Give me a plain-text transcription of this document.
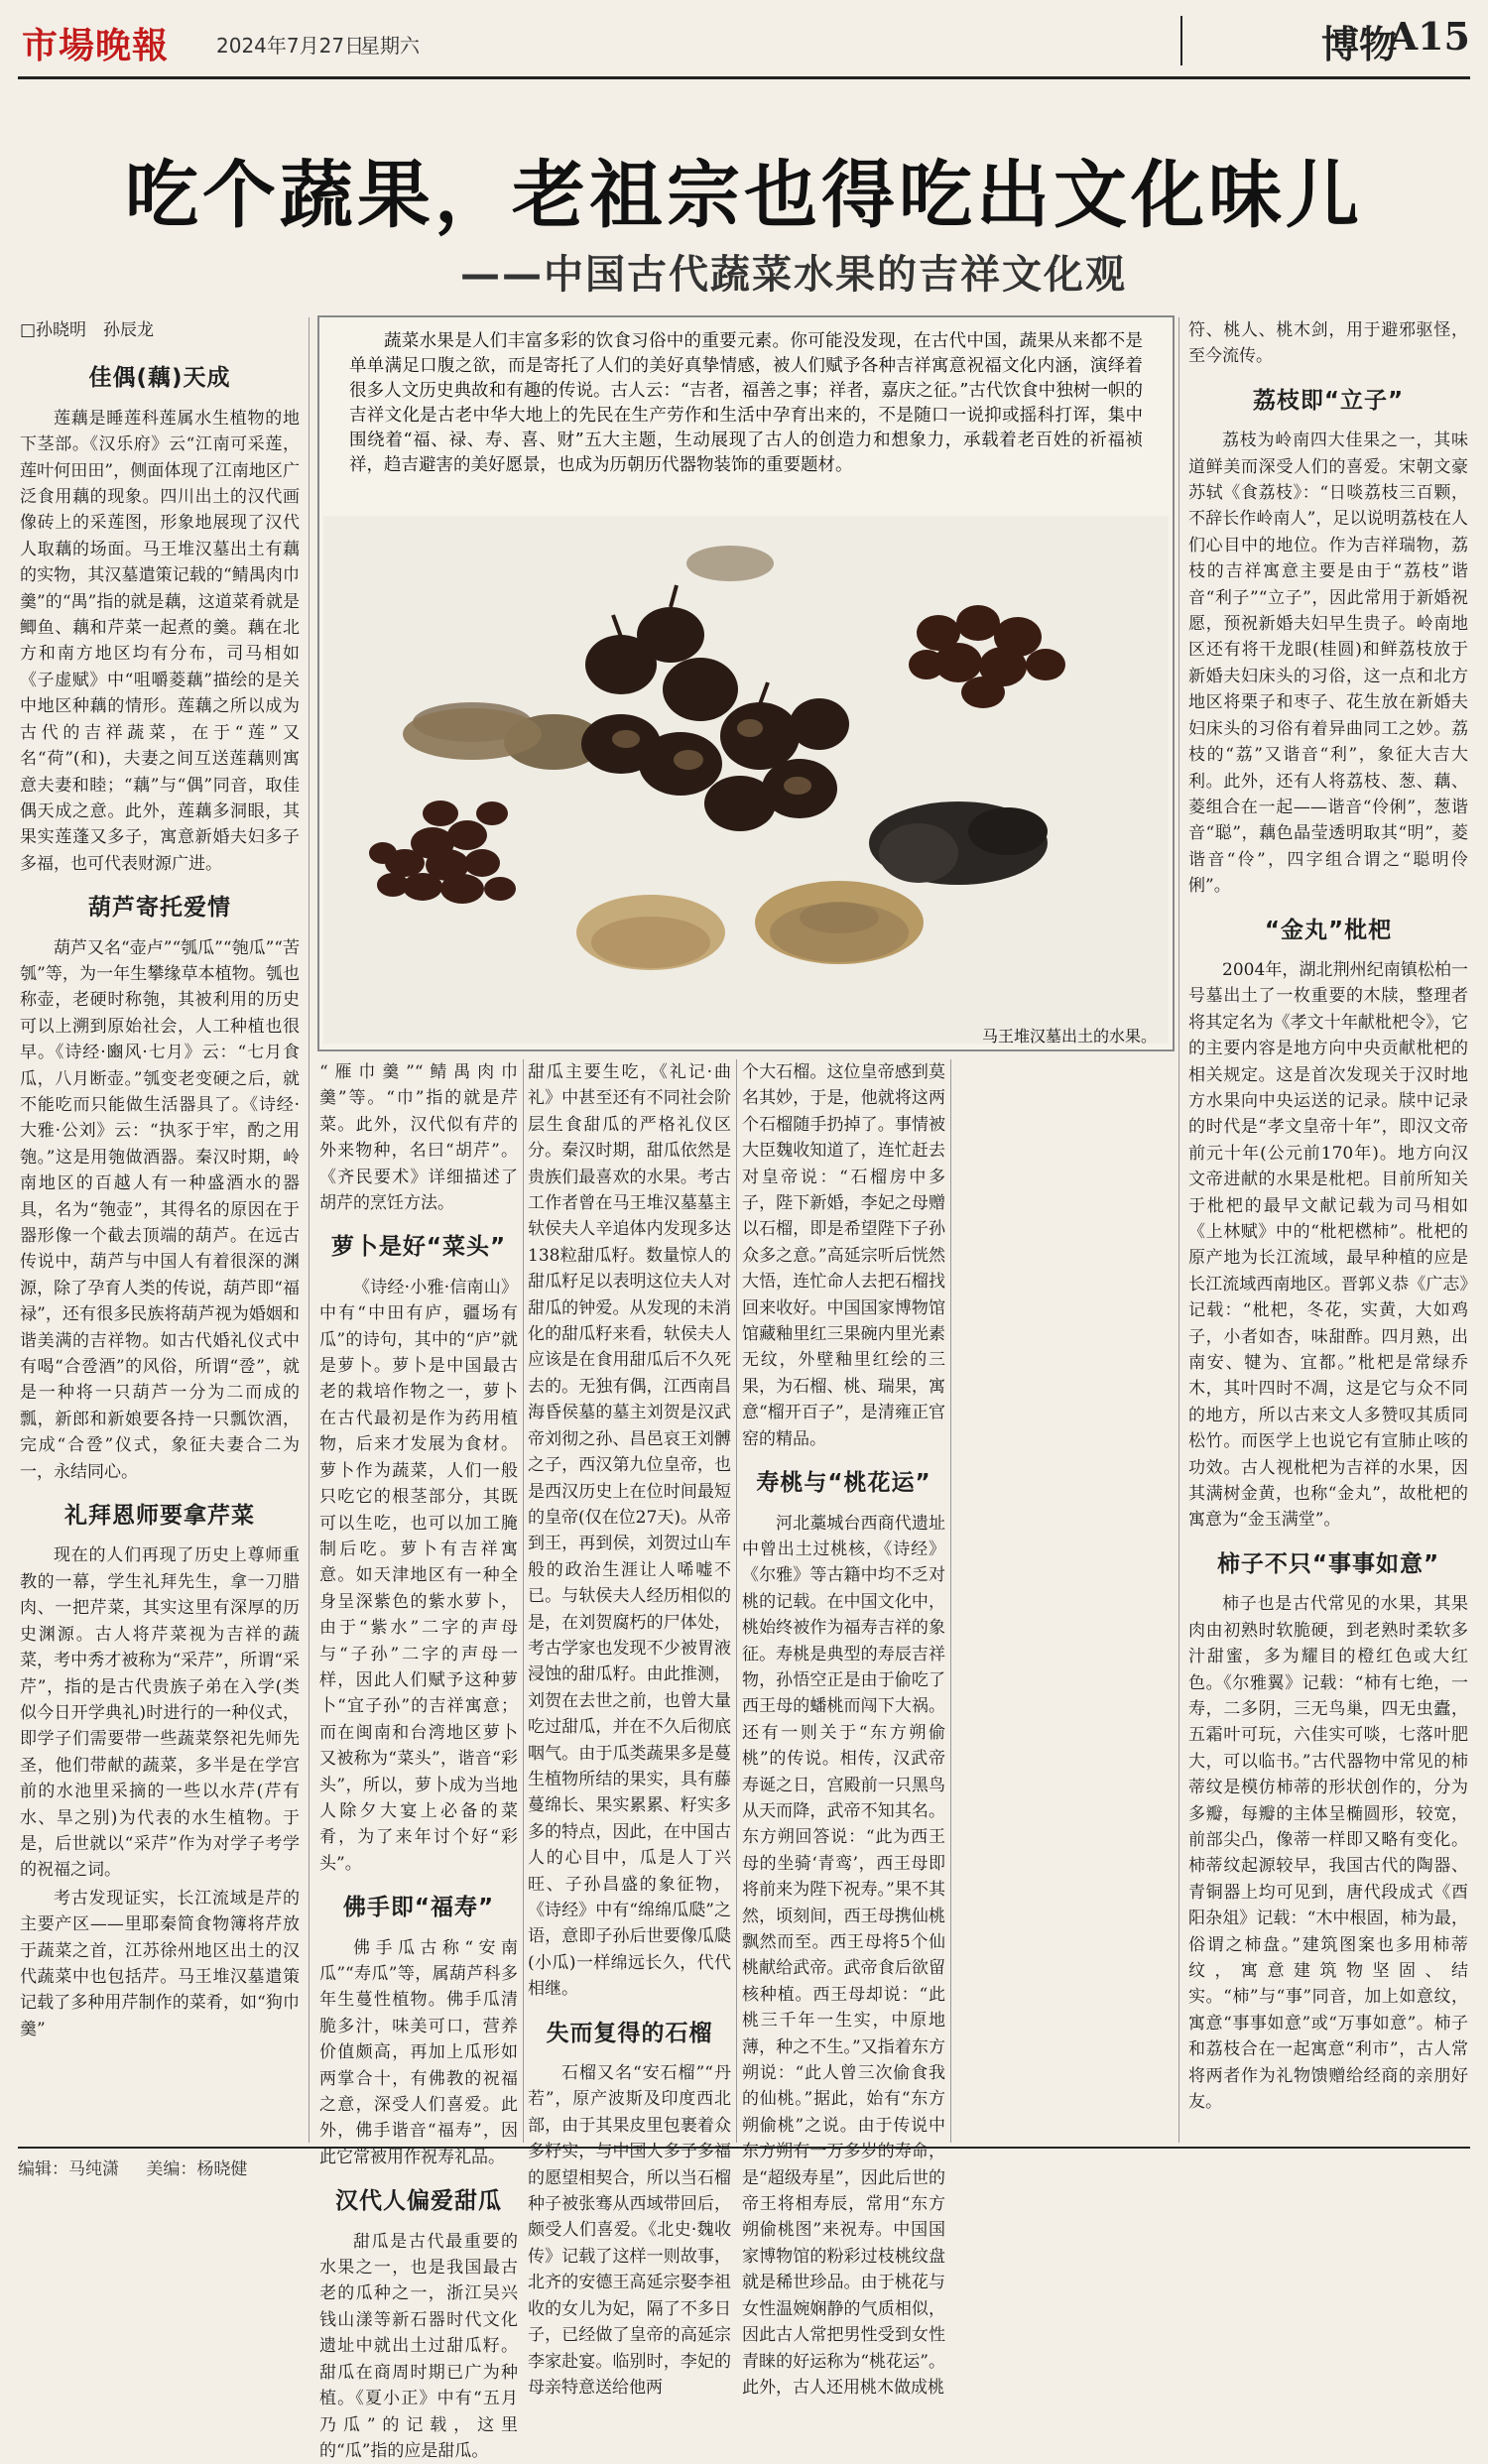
市場晚報 2024年7月27日
星期六	博物
A15
吃个蔬果，老祖宗也得吃出文化味儿
——中国古代蔬菜水果的吉祥文化观
□孙晓明　孙辰龙
佳偶(藕)天成

莲藕是睡莲科莲属水生植物的地下茎部。《汉乐府》云“江南可采莲，莲叶何田田”，侧面体现了江南地区广泛食用藕的现象。四川出土的汉代画像砖上的采莲图，形象地展现了汉代人取藕的场面。马王堆汉墓出土有藕的实物，其汉墓遣策记载的“鲭禺肉巾羹”的“禺”指的就是藕，这道菜肴就是鲫鱼、藕和芹菜一起煮的羹。藕在北方和南方地区均有分布，司马相如《子虚赋》中“咀嚼菱藕”描绘的是关中地区种藕的情形。莲藕之所以成为古代的吉祥蔬菜，在于“莲”又名“荷”(和)，夫妻之间互送莲藕则寓意夫妻和睦；“藕”与“偶”同音，取佳偶天成之意。此外，莲藕多洞眼，其果实莲蓬又多子，寓意新婚夫妇多子多福，也可代表财源广进。

葫芦寄托爱情

葫芦又名“壶卢”“瓠瓜”“匏瓜”“苦瓠”等，为一年生攀缘草本植物。瓠也称壶，老硬时称匏，其被利用的历史可以上溯到原始社会，人工种植也很早。《诗经·豳风·七月》云：“七月食瓜，八月断壶。”瓠变老变硬之后，就不能吃而只能做生活器具了。《诗经·大雅·公刘》云：“执豕于牢，酌之用匏。”这是用匏做酒器。秦汉时期，岭南地区的百越人有一种盛酒水的器具，名为“匏壶”，其得名的原因在于器形像一个截去顶端的葫芦。在远古传说中，葫芦与中国人有着很深的渊源，除了孕育人类的传说，葫芦即“福禄”，还有很多民族将葫芦视为婚姻和谐美满的吉祥物。如古代婚礼仪式中有喝“合卺酒”的风俗，所谓“卺”，就是一种将一只葫芦一分为二而成的瓢，新郎和新娘要各持一只瓢饮酒，完成“合卺”仪式，象征夫妻合二为一，永结同心。

礼拜恩师要拿芹菜

现在的人们再现了历史上尊师重教的一幕，学生礼拜先生，拿一刀腊肉、一把芹菜，其实这里有深厚的历史渊源。古人将芹菜视为吉祥的蔬菜，考中秀才被称为“采芹”，所谓“采芹”，指的是古代贵族子弟在入学(类似今日开学典礼)时进行的一种仪式，即学子们需要带一些蔬菜祭祀先师先圣，他们带献的蔬菜，多半是在学宫前的水池里采摘的一些以水芹(芹有水、旱之别)为代表的水生植物。于是，后世就以“采芹”作为对学子考学的祝福之词。

考古发现证实，长江流域是芹的主要产区——里耶秦简食物簿将芹放于蔬菜之首，江苏徐州地区出土的汉代蔬菜中也包括芹。马王堆汉墓遣策记载了多种用芹制作的菜肴，如“狗巾羹”

蔬菜水果是人们丰富多彩的饮食习俗中的重要元素。你可能没发现，在古代中国，蔬果从来都不是单单满足口腹之欲，而是寄托了人们的美好真挚情感，被人们赋予各种吉祥寓意祝福文化内涵，演绎着很多人文历史典故和有趣的传说。古人云：“吉者，福善之事；祥者，嘉庆之征。”古代饮食中独树一帜的吉祥文化是古老中华大地上的先民在生产劳作和生活中孕育出来的，不是随口一说抑或摇科打诨，集中围绕着“福、禄、寿、喜、财”五大主题，生动展现了古人的创造力和想象力，承载着老百姓的祈福祯祥，趋吉避害的美好愿景，也成为历朝历代器物装饰的重要题材。

马王堆汉墓出土的水果。

“雁巾羹”“鲭禺肉巾羹”等。“巾”指的就是芹菜。此外，汉代似有芹的外来物种，名曰“胡芹”。《齐民要术》详细描述了胡芹的烹饪方法。

萝卜是好“菜头”

《诗经·小雅·信南山》中有“中田有庐，疆场有瓜”的诗句，其中的“庐”就是萝卜。萝卜是中国最古老的栽培作物之一，萝卜在古代最初是作为药用植物，后来才发展为食材。萝卜作为蔬菜，人们一般只吃它的根茎部分，其既可以生吃，也可以加工腌制后吃。萝卜有吉祥寓意。如天津地区有一种全身呈深紫色的紫水萝卜，由于“紫水”二字的声母与“子孙”二字的声母一样，因此人们赋予这种萝卜“宜子孙”的吉祥寓意；而在闽南和台湾地区萝卜又被称为“菜头”，谐音“彩头”，所以，萝卜成为当地人除夕大宴上必备的菜肴，为了来年讨个好“彩头”。

佛手即“福寿”

佛手瓜古称“安南瓜”“寿瓜”等，属葫芦科多年生蔓性植物。佛手瓜清脆多汁，味美可口，营养价值颇高，再加上瓜形如两掌合十，有佛教的祝福之意，深受人们喜爱。此外，佛手谐音“福寿”，因此它常被用作祝寿礼品。

汉代人偏爱甜瓜

甜瓜是古代最重要的水果之一，也是我国最古老的瓜种之一，浙江吴兴钱山漾等新石器时代文化遗址中就出土过甜瓜籽。甜瓜在商周时期已广为种植。《夏小正》中有“五月乃瓜”的记载，这里的“瓜”指的应是甜瓜。

甜瓜主要生吃，《礼记·曲礼》中甚至还有不同社会阶层生食甜瓜的严格礼仪区分。秦汉时期，甜瓜依然是贵族们最喜欢的水果。考古工作者曾在马王堆汉墓墓主轪侯夫人辛追体内发现多达138粒甜瓜籽。数量惊人的甜瓜籽足以表明这位夫人对甜瓜的钟爱。从发现的未消化的甜瓜籽来看，轪侯夫人应该是在食用甜瓜后不久死去的。无独有偶，江西南昌海昏侯墓的墓主刘贺是汉武帝刘彻之孙、昌邑哀王刘髆之子，西汉第九位皇帝，也是西汉历史上在位时间最短的皇帝(仅在位27天)。从帝到王，再到侯，刘贺过山车般的政治生涯让人唏嘘不已。与轪侯夫人经历相似的是，在刘贺腐朽的尸体处，考古学家也发现不少被胃液浸蚀的甜瓜籽。由此推测，刘贺在去世之前，也曾大量吃过甜瓜，并在不久后彻底咽气。由于瓜类蔬果多是蔓生植物所结的果实，具有藤蔓绵长、果实累累、籽实多多的特点，因此，在中国古人的心目中，瓜是人丁兴旺、子孙昌盛的象征物，《诗经》中有“绵绵瓜瓞”之语，意即子孙后世要像瓜瓞(小瓜)一样绵远长久，代代相继。

失而复得的石榴

石榴又名“安石榴”“丹若”，原产波斯及印度西北部，由于其果皮里包裹着众多籽实，与中国人多子多福的愿望相契合，所以当石榴种子被张骞从西域带回后，颇受人们喜爱。《北史·魏收传》记载了这样一则故事，北齐的安德王高延宗娶李祖收的女儿为妃，隔了不多日子，已经做了皇帝的高延宗李家赴宴。临别时，李妃的母亲特意送给他两

个大石榴。这位皇帝感到莫名其妙，于是，他就将这两个石榴随手扔掉了。事情被大臣魏收知道了，连忙赶去对皇帝说：“石榴房中多子，陛下新婚，李妃之母赠以石榴，即是希望陛下子孙众多之意。”高延宗听后恍然大悟，连忙命人去把石榴找回来收好。中国国家博物馆馆藏釉里红三果碗内里光素无纹，外壁釉里红绘的三果，为石榴、桃、瑞果，寓意“榴开百子”，是清雍正官窑的精品。

寿桃与“桃花运”

河北藁城台西商代遗址中曾出土过桃核，《诗经》《尔雅》等古籍中均不乏对桃的记载。在中国文化中，桃始终被作为福寿吉祥的象征。寿桃是典型的寿辰吉祥物，孙悟空正是由于偷吃了西王母的蟠桃而闯下大祸。还有一则关于“东方朔偷桃”的传说。相传，汉武帝寿诞之日，宫殿前一只黑鸟从天而降，武帝不知其名。东方朔回答说：“此为西王母的坐骑‘青鸾’，西王母即将前来为陛下祝寿。”果不其然，顷刻间，西王母携仙桃飘然而至。西王母将5个仙桃献给武帝。武帝食后欲留核种植。西王母却说：“此桃三千年一生实，中原地薄，种之不生。”又指着东方朔说：“此人曾三次偷食我的仙桃。”据此，始有“东方朔偷桃”之说。由于传说中东方朔有一万多岁的寿命，是“超级寿星”，因此后世的帝王将相寿辰，常用“东方朔偷桃图”来祝寿。中国国家博物馆的粉彩过枝桃纹盘就是稀世珍品。由于桃花与女性温婉娴静的气质相似，因此古人常把男性受到女性青睐的好运称为“桃花运”。此外，古人还用桃木做成桃

符、桃人、桃木剑，用于避邪驱怪，至今流传。

荔枝即“立子”

荔枝为岭南四大佳果之一，其味道鲜美而深受人们的喜爱。宋朝文豪苏轼《食荔枝》：“日啖荔枝三百颗，不辞长作岭南人”，足以说明荔枝在人们心目中的地位。作为吉祥瑞物，荔枝的吉祥寓意主要是由于“荔枝”谐音“利子”“立子”，因此常用于新婚祝愿，预祝新婚夫妇早生贵子。岭南地区还有将干龙眼(桂圆)和鲜荔枝放于新婚夫妇床头的习俗，这一点和北方地区将栗子和枣子、花生放在新婚夫妇床头的习俗有着异曲同工之妙。荔枝的“荔”又谐音“利”，象征大吉大利。此外，还有人将荔枝、葱、藕、菱组合在一起——谐音“伶俐”，葱谐音“聪”，藕色晶莹透明取其“明”，菱谐音“伶”，四字组合谓之“聪明伶俐”。

“金丸”枇杷

2004年，湖北荆州纪南镇松柏一号墓出土了一枚重要的木牍，整理者将其定名为《孝文十年献枇杷令》，它的主要内容是地方向中央贡献枇杷的相关规定。这是首次发现关于汉时地方水果向中央运送的记录。牍中记录的时代是“孝文皇帝十年”，即汉文帝前元十年(公元前170年)。地方向汉文帝进献的水果是枇杷。目前所知关于枇杷的最早文献记载为司马相如《上林赋》中的“枇杷橪柿”。枇杷的原产地为长江流域，最早种植的应是长江流域西南地区。晋郭义恭《广志》记载：“枇杷，冬花，实黄，大如鸡子，小者如杏，味甜酢。四月熟，出南安、犍为、宜都。”枇杷是常绿乔木，其叶四时不凋，这是它与众不同的地方，所以古来文人多赞叹其质同松竹。而医学上也说它有宣肺止咳的功效。古人视枇杷为吉祥的水果，因其满树金黄，也称“金丸”，故枇杷的寓意为“金玉满堂”。

柿子不只“事事如意”

柿子也是古代常见的水果，其果肉由初熟时软脆硬，到老熟时柔软多汁甜蜜，多为耀目的橙红色或大红色。《尔雅翼》记载：“柿有七绝，一寿，二多阴，三无鸟巢，四无虫蠹，五霜叶可玩，六佳实可啖，七落叶肥大，可以临书。”古代器物中常见的柿蒂纹是模仿柿蒂的形状创作的，分为多瓣，每瓣的主体呈椭圆形，较宽，前部尖凸，像蒂一样即又略有变化。柿蒂纹起源较早，我国古代的陶器、青铜器上均可见到，唐代段成式《酉阳杂俎》记载：“木中根固，柿为最，俗谓之柿盘。”建筑图案也多用柿蒂纹，寓意建筑物坚固、结实。“柿”与“事”同音，加上如意纹，寓意“事事如意”或“万事如意”。柿子和荔枝合在一起寓意“利市”，古人常将两者作为礼物馈赠给经商的亲朋好友。

编辑：马纯潇 美编：杨晓健
